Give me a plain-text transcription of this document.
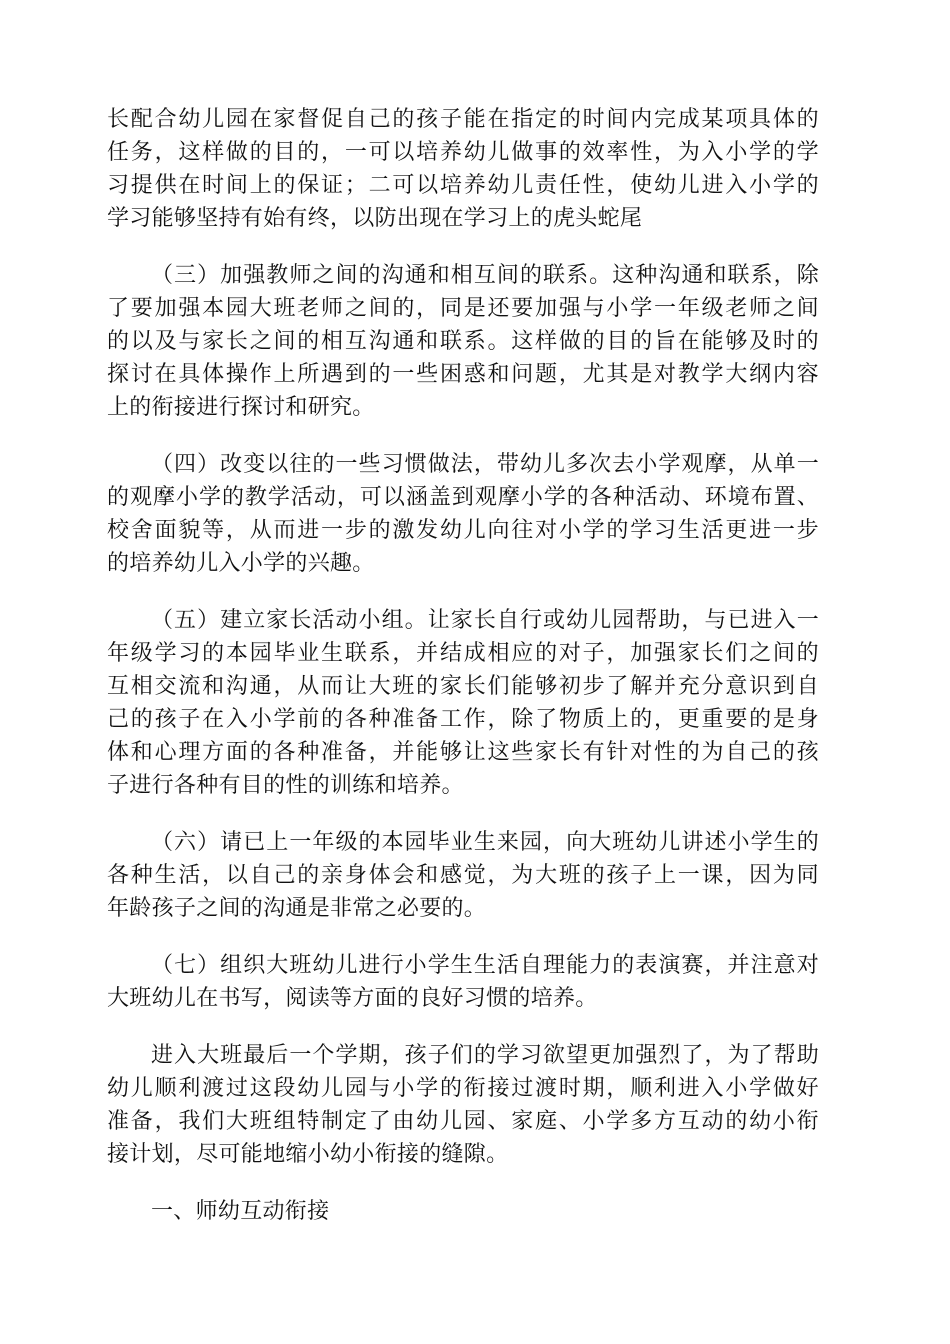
长配合幼儿园在家督促自己的孩子能在指定的时间内完成某项具体的
任务，这样做的目的，一可以培养幼儿做事的效率性，为入小学的学
习提供在时间上的保证；二可以培养幼儿责任性，使幼儿进入小学的
学习能够坚持有始有终，以防出现在学习上的虎头蛇尾
（三）加强教师之间的沟通和相互间的联系。这种沟通和联系，除
了要加强本园大班老师之间的，同是还要加强与小学一年级老师之间
的以及与家长之间的相互沟通和联系。这样做的目的旨在能够及时的
探讨在具体操作上所遇到的一些困惑和问题，尤其是对教学大纲内容
上的衔接进行探讨和研究。
（四）改变以往的一些习惯做法，带幼儿多次去小学观摩，从单一
的观摩小学的教学活动，可以涵盖到观摩小学的各种活动、环境布置、
校舍面貌等，从而进一步的激发幼儿向往对小学的学习生活更进一步
的培养幼儿入小学的兴趣。
（五）建立家长活动小组。让家长自行或幼儿园帮助，与已进入一
年级学习的本园毕业生联系，并结成相应的对子，加强家长们之间的
互相交流和沟通，从而让大班的家长们能够初步了解并充分意识到自
己的孩子在入小学前的各种准备工作，除了物质上的，更重要的是身
体和心理方面的各种准备，并能够让这些家长有针对性的为自己的孩
子进行各种有目的性的训练和培养。
（六）请已上一年级的本园毕业生来园，向大班幼儿讲述小学生的
各种生活，以自己的亲身体会和感觉，为大班的孩子上一课，因为同
年龄孩子之间的沟通是非常之必要的。
（七）组织大班幼儿进行小学生生活自理能力的表演赛，并注意对
大班幼儿在书写，阅读等方面的良好习惯的培养。
进入大班最后一个学期，孩子们的学习欲望更加强烈了，为了帮助
幼儿顺利渡过这段幼儿园与小学的衔接过渡时期，顺利进入小学做好
准备，我们大班组特制定了由幼儿园、家庭、小学多方互动的幼小衔
接计划，尽可能地缩小幼小衔接的缝隙。
一、师幼互动衔接
